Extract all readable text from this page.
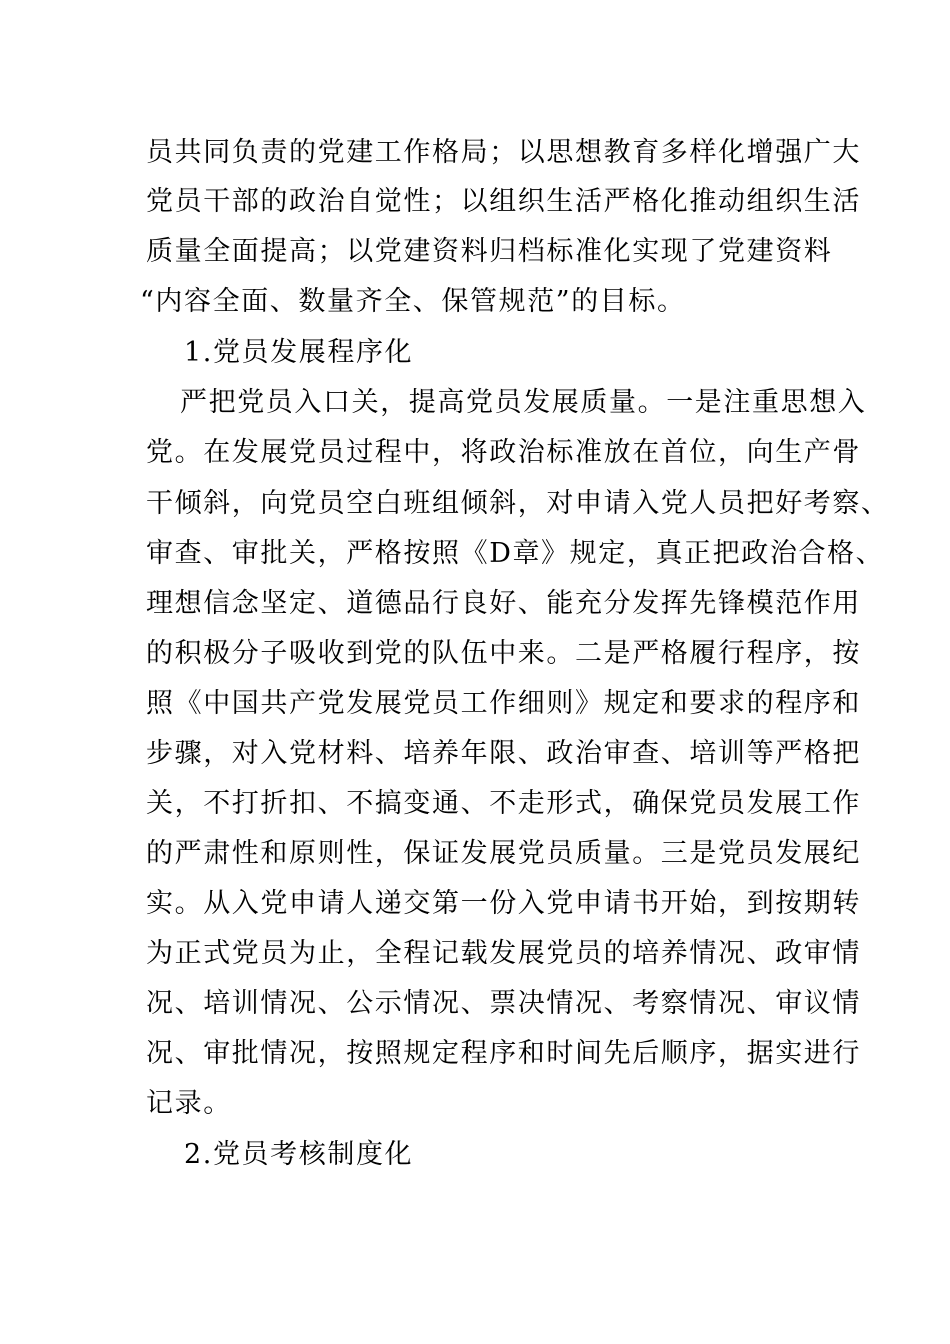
员共同负责的党建工作格局；以思想教育多样化增强广大
党员干部的政治自觉性；以组织生活严格化推动组织生活
质量全面提高；以党建资料归档标准化实现了党建资料
“内容全面、数量齐全、保管规范”的目标。
1.党员发展程序化
严把党员入口关，提高党员发展质量。一是注重思想入
党。在发展党员过程中，将政治标准放在首位，向生产骨
干倾斜，向党员空白班组倾斜，对申请入党人员把好考察、
审查、审批关，严格按照《D章》规定，真正把政治合格、
理想信念坚定、道德品行良好、能充分发挥先锋模范作用
的积极分子吸收到党的队伍中来。二是严格履行程序，按
照《中国共产党发展党员工作细则》规定和要求的程序和
步骤，对入党材料、培养年限、政治审查、培训等严格把
关，不打折扣、不搞变通、不走形式，确保党员发展工作
的严肃性和原则性，保证发展党员质量。三是党员发展纪
实。从入党申请人递交第一份入党申请书开始，到按期转
为正式党员为止，全程记载发展党员的培养情况、政审情
况、培训情况、公示情况、票决情况、考察情况、审议情
况、审批情况，按照规定程序和时间先后顺序，据实进行
记录。
2.党员考核制度化
